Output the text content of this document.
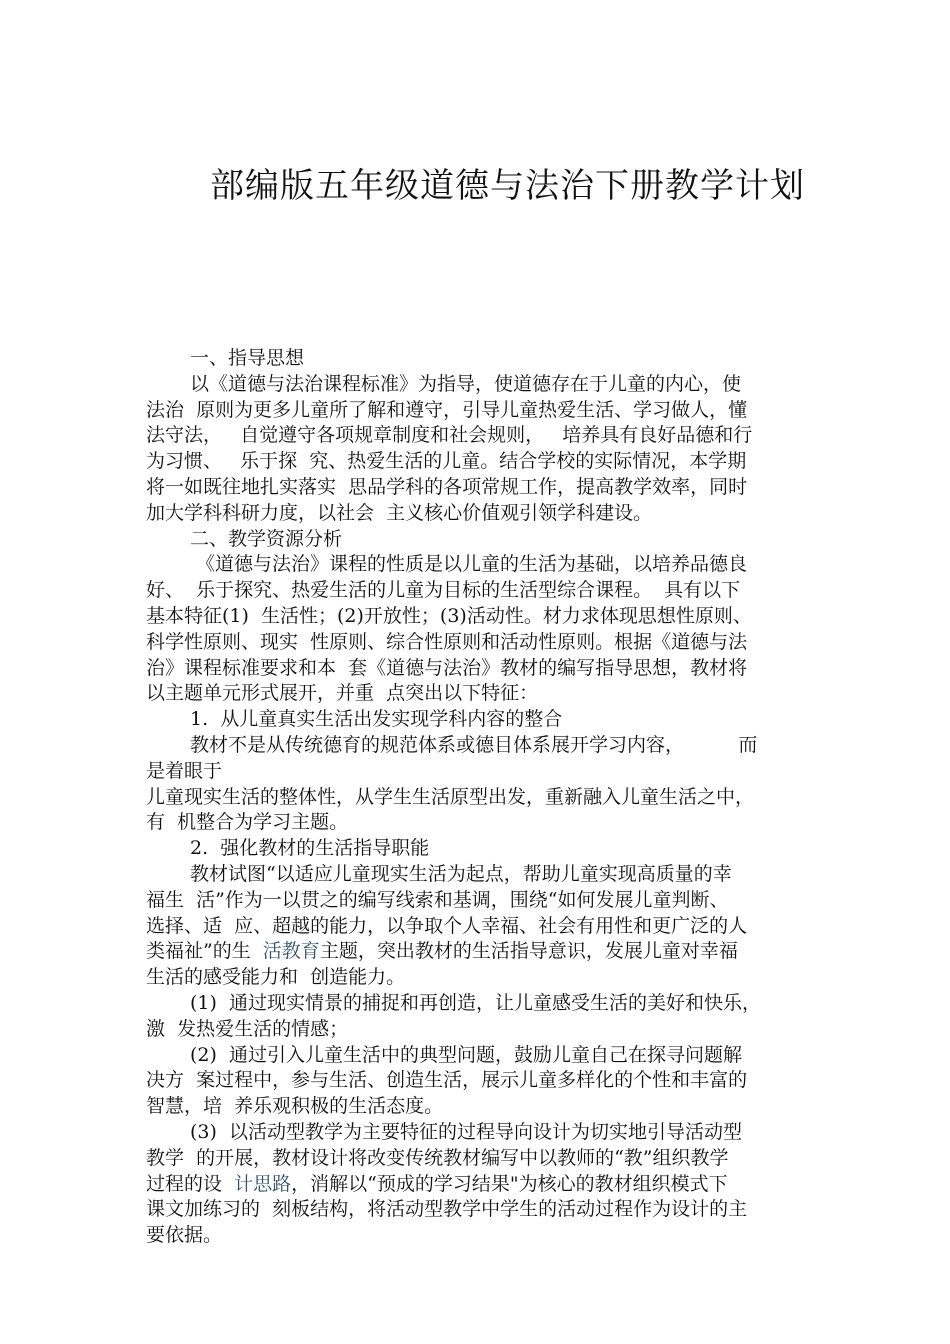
部编版五年级道德与法治下册教学计划
一、指导思想
以《道德与法治课程标准》为指导，使道德存在于儿童的内心，使
法治  原则为更多儿童所了解和遵守，引导儿童热爱生活、学习做人，懂
法守法，   自觉遵守各项规章制度和社会规则，   培养具有良好品德和行
为习惯、   乐于探  究、热爱生活的儿童。结合学校的实际情况，本学期
将一如既往地扎实落实  思品学科的各项常规工作，提高教学效率，同时
加大学科科研力度，以社会  主义核心价值观引领学科建设。
二、教学资源分析
《道德与法治》课程的性质是以儿童的生活为基础，以培养品德良
好、  乐于探究、热爱生活的儿童为目标的生活型综合课程。  具有以下
基本特征(1)  生活性；(2)开放性；(3)活动性。材力求体现思想性原则、
科学性原则、现实  性原则、综合性原则和活动性原则。根据《道德与法
治》课程标准要求和本  套《道德与法治》教材的编写指导思想，教材将
以主题单元形式展开，并重  点突出以下特征：
1.  从儿童真实生活出发实现学科内容的整合
教材不是从传统德育的规范体系或德目体系展开学习内容，         而
是着眼于
儿童现实生活的整体性，从学生生活原型出发，重新融入儿童生活之中，
有  机整合为学习主题。
2.  强化教材的生活指导职能
教材试图“以适应儿童现实生活为起点，帮助儿童实现高质量的幸
福生  活”作为一以贯之的编写线索和基调，围绕“如何发展儿童判断、
选择、适  应、超越的能力，以争取个人幸福、社会有用性和更广泛的人
类福祉”的生  活教育主题，突出教材的生活指导意识，发展儿童对幸福
生活的感受能力和  创造能力。
(1)  通过现实情景的捕捉和再创造，让儿童感受生活的美好和快乐，
激  发热爱生活的情感；
(2)  通过引入儿童生活中的典型问题，鼓励儿童自己在探寻问题解
决方  案过程中，参与生活、创造生活，展示儿童多样化的个性和丰富的
智慧，培  养乐观积极的生活态度。
(3)  以活动型教学为主要特征的过程导向设计为切实地引导活动型
教学  的开展，教材设计将改变传统教材编写中以教师的“教”组织教学
过程的设  计思路，消解以“预成的学习结果"为核心的教材组织模式下
课文加练习的  刻板结构，将活动型教学中学生的活动过程作为设计的主
要依据。
